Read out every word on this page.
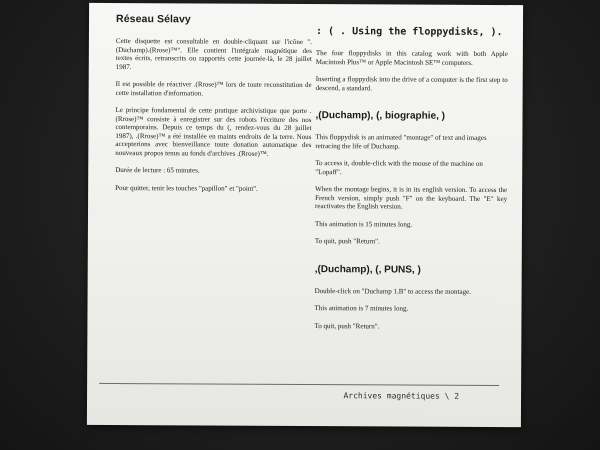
Réseau Sélavy

Cette disquette est consultable en double-cliquant sur l'icône ".(Duchamp).(Rrose)™". Elle contient l'intégrale magnétique des textes écrits, retranscrits ou rapportés cette journée-là, le 28 juillet 1987.

Il est possible de réactiver .(Rrose)™ lors de toute reconstitution de cette installation d'information.

Le principe fondamental de cette pratique archivistique que porte .(Rrose)™ consiste à enregistrer sur des robots l'écriture des nos contemporains. Depuis ce temps du (, rendez-vous du 28 juillet 1987), .(Rrose)™ a été installée en maints endroits de la terre. Nous accepterions avec bienveillance toute donation automatique des nouveaux propos tenus au fonds d'archives .(Rrose)™.

Durée de lecture : 65 minutes.

Pour quitter, tenir les touches "papillon" et "point".

: ( . Using the floppydisks, ).

The four floppydisks in this catalog work with both Apple Macintosh Plus™ or Apple Macintosh SE™ computers.

Inserting a floppydisk into the drive of a computer is the first step to descend, a standard.

,(Duchamp), (, biographie, )

This floppydisk is an animated "montage" of text and images retracing the life of Duchamp.

To access it, double-click with the mouse of the machine on "Lopaff".

When the montage begins, it is in its english version. To access the French version, simply push "F" on the keyboard. The "E" key reactivates the English version.

This animation is 15 minutes long.

To quit, push "Return".

,(Duchamp), (, PUNS, )

Double-click on "Duchamp 1.B" to access the montage.

This animation is 7 minutes long.

To quit, push "Return".

Archives magnétiques \ 2
